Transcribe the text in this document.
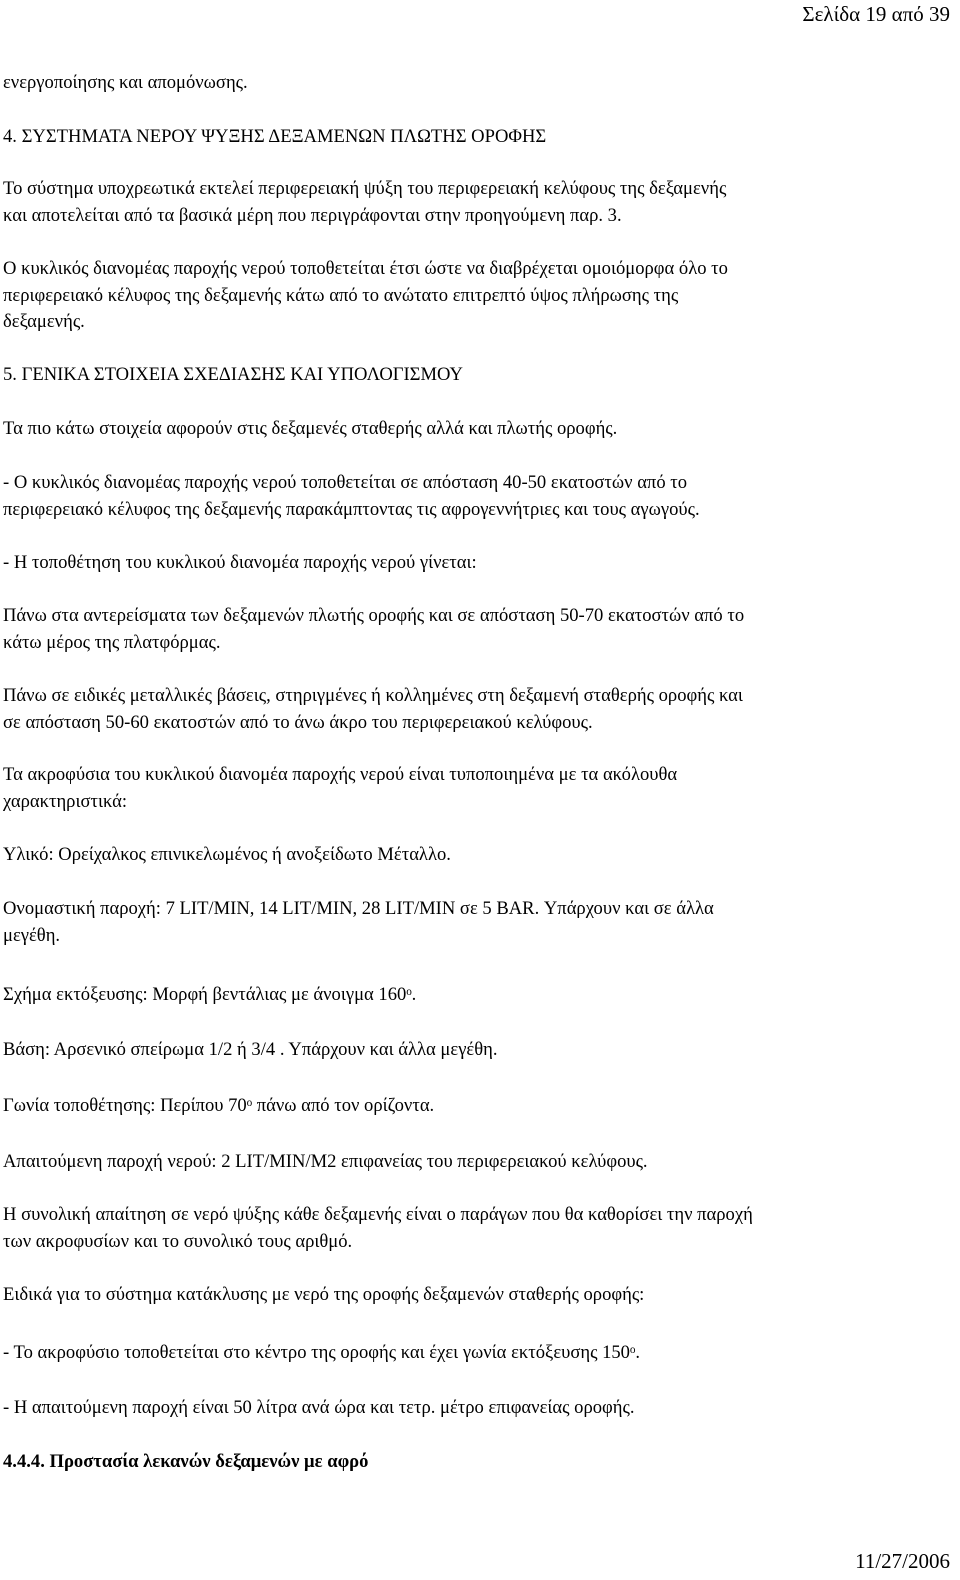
Σελίδα 19 από 39

ενεργοποίησης και απομόνωσης.

4. ΣΥΣΤΗΜΑΤΑ ΝΕΡΟΥ ΨΥΞΗΣ ΔΕΞΑΜΕΝΩΝ ΠΛΩΤΗΣ ΟΡΟΦΗΣ

Το σύστημα υποχρεωτικά εκτελεί περιφερειακή ψύξη του περιφερειακή κελύφους της δεξαμενής
και αποτελείται από τα βασικά μέρη που περιγράφονται στην προηγούμενη παρ. 3.

Ο κυκλικός διανομέας παροχής νερού τοποθετείται έτσι ώστε να διαβρέχεται ομοιόμορφα όλο το
περιφερειακό κέλυφος της δεξαμενής κάτω από το ανώτατο επιτρεπτό ύψος πλήρωσης της
δεξαμενής.

5. ΓΕΝΙΚΑ ΣΤΟΙΧΕΙΑ ΣΧΕΔΙΑΣΗΣ ΚΑΙ ΥΠΟΛΟΓΙΣΜΟΥ

Τα πιο κάτω στοιχεία αφορούν στις δεξαμενές σταθερής αλλά και πλωτής οροφής.

- Ο κυκλικός διανομέας παροχής νερού τοποθετείται σε απόσταση 40-50 εκατοστών από το
περιφερειακό κέλυφος της δεξαμενής παρακάμπτοντας τις αφρογεννήτριες και τους αγωγούς.

- Η τοποθέτηση του κυκλικού διανομέα παροχής νερού γίνεται:

Πάνω στα αντερείσματα των δεξαμενών πλωτής οροφής και σε απόσταση 50-70 εκατοστών από το
κάτω μέρος της πλατφόρμας.

Πάνω σε ειδικές μεταλλικές βάσεις, στηριγμένες ή κολλημένες στη δεξαμενή σταθερής οροφής και
σε απόσταση 50-60 εκατοστών από το άνω άκρο του περιφερειακού κελύφους.

Τα ακροφύσια του κυκλικού διανομέα παροχής νερού είναι τυποποιημένα με τα ακόλουθα
χαρακτηριστικά:

Υλικό: Ορείχαλκος επινικελωμένος ή ανοξείδωτο Μέταλλο.

Ονομαστική παροχή: 7 LIT/MIN, 14 LIT/MIN, 28 LIT/MIN σε 5 BAR. Υπάρχουν και σε άλλα
μεγέθη.

Σχήμα εκτόξευσης: Μορφή βεντάλιας με άνοιγμα 160ᵒ.

Βάση: Αρσενικό σπείρωμα 1/2 ή 3/4 . Υπάρχουν και άλλα μεγέθη.

Γωνία τοποθέτησης: Περίπου 70ᵒ πάνω από τον ορίζοντα.

Απαιτούμενη παροχή νερού: 2 LIT/MIN/M2 επιφανείας του περιφερειακού κελύφους.

Η συνολική απαίτηση σε νερό ψύξης κάθε δεξαμενής είναι ο παράγων που θα καθορίσει την παροχή
των ακροφυσίων και το συνολικό τους αριθμό.

Ειδικά για το σύστημα κατάκλυσης με νερό της οροφής δεξαμενών σταθερής οροφής:

- Το ακροφύσιο τοποθετείται στο κέντρο της οροφής και έχει γωνία εκτόξευσης 150ᵒ.

- Η απαιτούμενη παροχή είναι 50 λίτρα ανά ώρα και τετρ. μέτρο επιφανείας οροφής.

4.4.4. Προστασία λεκανών δεξαμενών με αφρό

11/27/2006
